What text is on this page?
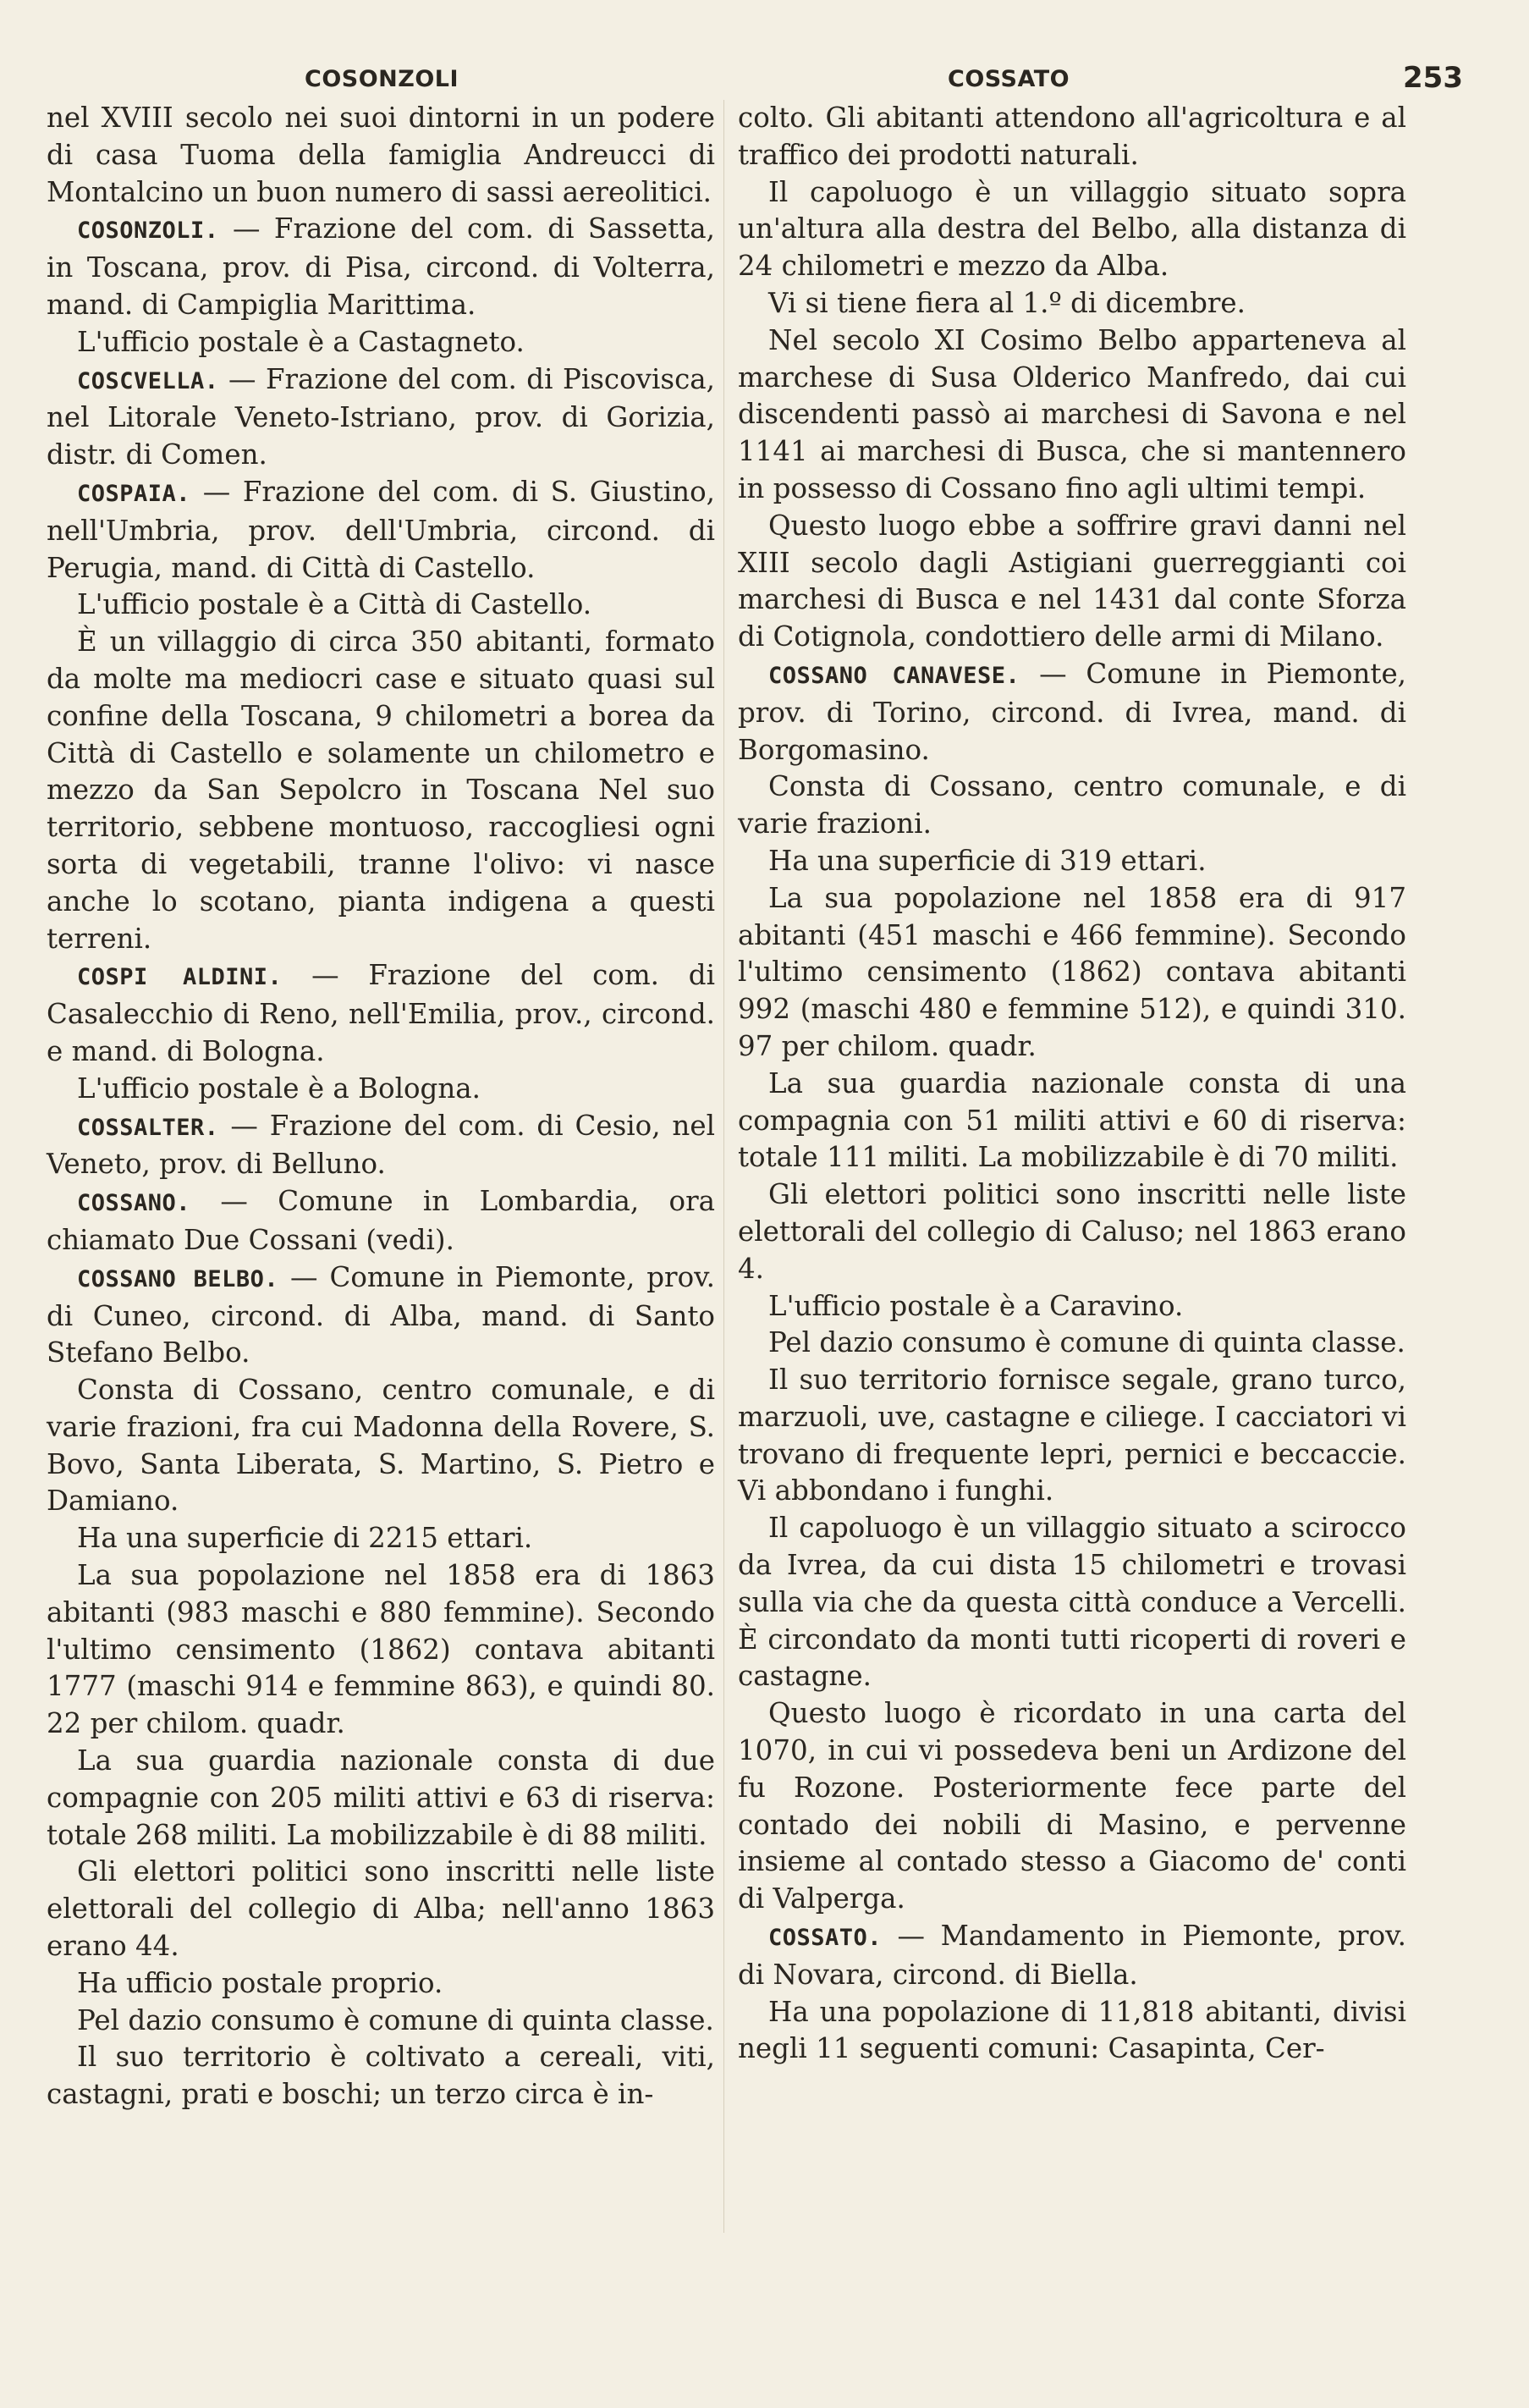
COSONZOLI	COSSATO	253

nel XVIII secolo nei suoi dintorni in un podere di casa Tuoma della famiglia Andreucci di Montalcino un buon numero di sassi aereolitici.

COSONZOLI. — Frazione del com. di Sassetta, in Toscana, prov. di Pisa, circond. di Volterra, mand. di Campiglia Marittima.

L'ufficio postale è a Castagneto.

COSCVELLA. — Frazione del com. di Piscovisca, nel Litorale Veneto-Istriano, prov. di Gorizia, distr. di Comen.

COSPAIA. — Frazione del com. di S. Giustino, nell'Umbria, prov. dell'Umbria, circond. di Perugia, mand. di Città di Castello.

L'ufficio postale è a Città di Castello.

È un villaggio di circa 350 abitanti, formato da molte ma mediocri case e situato quasi sul confine della Toscana, 9 chilometri a borea da Città di Castello e solamente un chilometro e mezzo da San Sepolcro in Toscana Nel suo territorio, sebbene montuoso, raccogliesi ogni sorta di vegetabili, tranne l'olivo: vi nasce anche lo scotano, pianta indigena a questi terreni.

COSPI ALDINI. — Frazione del com. di Casalecchio di Reno, nell'Emilia, prov., circond. e mand. di Bologna.

L'ufficio postale è a Bologna.

COSSALTER. — Frazione del com. di Cesio, nel Veneto, prov. di Belluno.

COSSANO. — Comune in Lombardia, ora chiamato Due Cossani (vedi).

COSSANO BELBO. — Comune in Piemonte, prov. di Cuneo, circond. di Alba, mand. di Santo Stefano Belbo.

Consta di Cossano, centro comunale, e di varie frazioni, fra cui Madonna della Rovere, S. Bovo, Santa Liberata, S. Martino, S. Pietro e Damiano.

Ha una superficie di 2215 ettari.

La sua popolazione nel 1858 era di 1863 abitanti (983 maschi e 880 femmine). Secondo l'ultimo censimento (1862) contava abitanti 1777 (maschi 914 e femmine 863), e quindi 80. 22 per chilom. quadr.

La sua guardia nazionale consta di due compagnie con 205 militi attivi e 63 di riserva: totale 268 militi. La mobilizzabile è di 88 militi.

Gli elettori politici sono inscritti nelle liste elettorali del collegio di Alba; nell'anno 1863 erano 44.

Ha ufficio postale proprio.

Pel dazio consumo è comune di quinta classe.

Il suo territorio è coltivato a cereali, viti, castagni, prati e boschi; un terzo circa è in-

colto. Gli abitanti attendono all'agricoltura e al traffico dei prodotti naturali.

Il capoluogo è un villaggio situato sopra un'altura alla destra del Belbo, alla distanza di 24 chilometri e mezzo da Alba.

Vi si tiene fiera al 1.º di dicembre.

Nel secolo XI Cosimo Belbo apparteneva al marchese di Susa Olderico Manfredo, dai cui discendenti passò ai marchesi di Savona e nel 1141 ai marchesi di Busca, che si mantennero in possesso di Cossano fino agli ultimi tempi.

Questo luogo ebbe a soffrire gravi danni nel XIII secolo dagli Astigiani guerreggianti coi marchesi di Busca e nel 1431 dal conte Sforza di Cotignola, condottiero delle armi di Milano.

COSSANO CANAVESE. — Comune in Piemonte, prov. di Torino, circond. di Ivrea, mand. di Borgomasino.

Consta di Cossano, centro comunale, e di varie frazioni.

Ha una superficie di 319 ettari.

La sua popolazione nel 1858 era di 917 abitanti (451 maschi e 466 femmine). Secondo l'ultimo censimento (1862) contava abitanti 992 (maschi 480 e femmine 512), e quindi 310. 97 per chilom. quadr.

La sua guardia nazionale consta di una compagnia con 51 militi attivi e 60 di riserva: totale 111 militi. La mobilizzabile è di 70 militi.

Gli elettori politici sono inscritti nelle liste elettorali del collegio di Caluso; nel 1863 erano 4.

L'ufficio postale è a Caravino.

Pel dazio consumo è comune di quinta classe.

Il suo territorio fornisce segale, grano turco, marzuoli, uve, castagne e ciliege. I cacciatori vi trovano di frequente lepri, pernici e beccaccie. Vi abbondano i funghi.

Il capoluogo è un villaggio situato a scirocco da Ivrea, da cui dista 15 chilometri e trovasi sulla via che da questa città conduce a Vercelli. È circondato da monti tutti ricoperti di roveri e castagne.

Questo luogo è ricordato in una carta del 1070, in cui vi possedeva beni un Ardizone del fu Rozone. Posteriormente fece parte del contado dei nobili di Masino, e pervenne insieme al contado stesso a Giacomo de' conti di Valperga.

COSSATO. — Mandamento in Piemonte, prov. di Novara, circond. di Biella.

Ha una popolazione di 11,818 abitanti, divisi negli 11 seguenti comuni: Casapinta, Cer-
